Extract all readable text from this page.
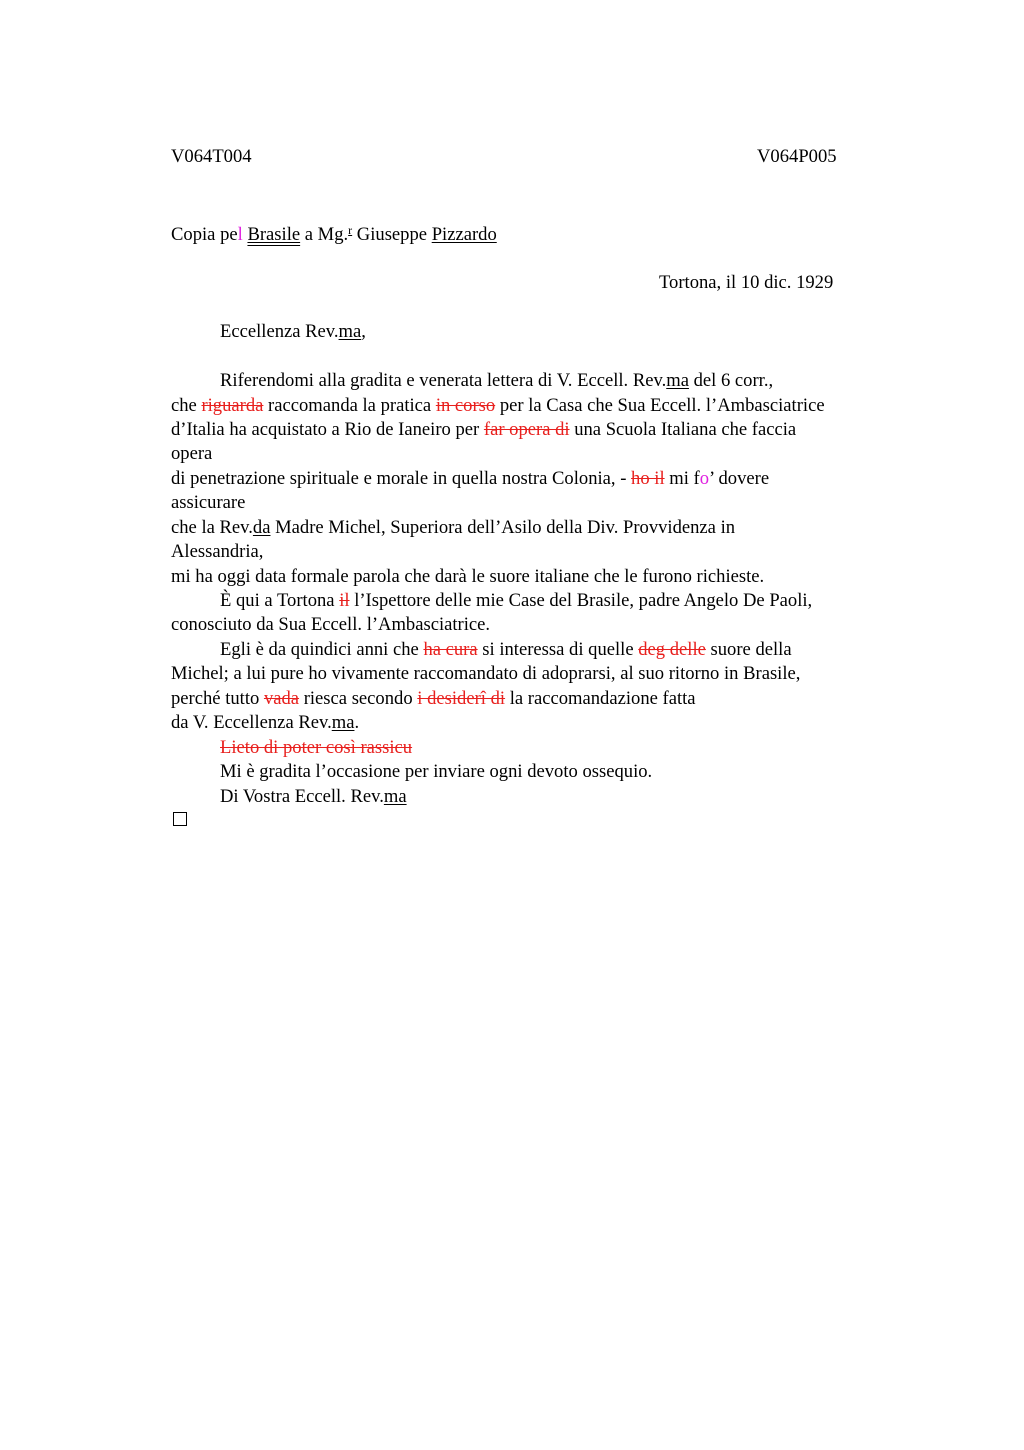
V064T004	V064P005
Copia pel Brasile a Mg.$^r$ Giuseppe Pizzardo
Tortona, il 10 dic. 1929
Eccellenza Rev.ma,
Riferendomi alla gradita e venerata lettera di V. Eccell. Rev.ma del 6 corr.,
che riguarda raccomanda la pratica in corso per la Casa che Sua Eccell. l’Ambasciatrice
d’Italia ha acquistato a Rio de Ianeiro per far opera di una Scuola Italiana che faccia
opera
di penetrazione spirituale e morale in quella nostra Colonia, - ho il mi fo’ dovere
assicurare
che la Rev.da Madre Michel, Superiora dell’Asilo della Div. Provvidenza in
Alessandria,
mi ha oggi data formale parola che darà le suore italiane che le furono richieste.
È qui a Tortona il l’Ispettore delle mie Case del Brasile, padre Angelo De Paoli,
conosciuto da Sua Eccell. l’Ambasciatrice.
Egli è da quindici anni che ha cura si interessa di quelle deg delle suore della
Michel; a lui pure ho vivamente raccomandato di adoprarsi, al suo ritorno in Brasile,
perché tutto vada riesca secondo i desiderî di la raccomandazione fatta
da V. Eccellenza Rev.ma.
Lieto di poter così rassicu
Mi è gradita l’occasione per inviare ogni devoto ossequio.
Di Vostra Eccell. Rev.ma
